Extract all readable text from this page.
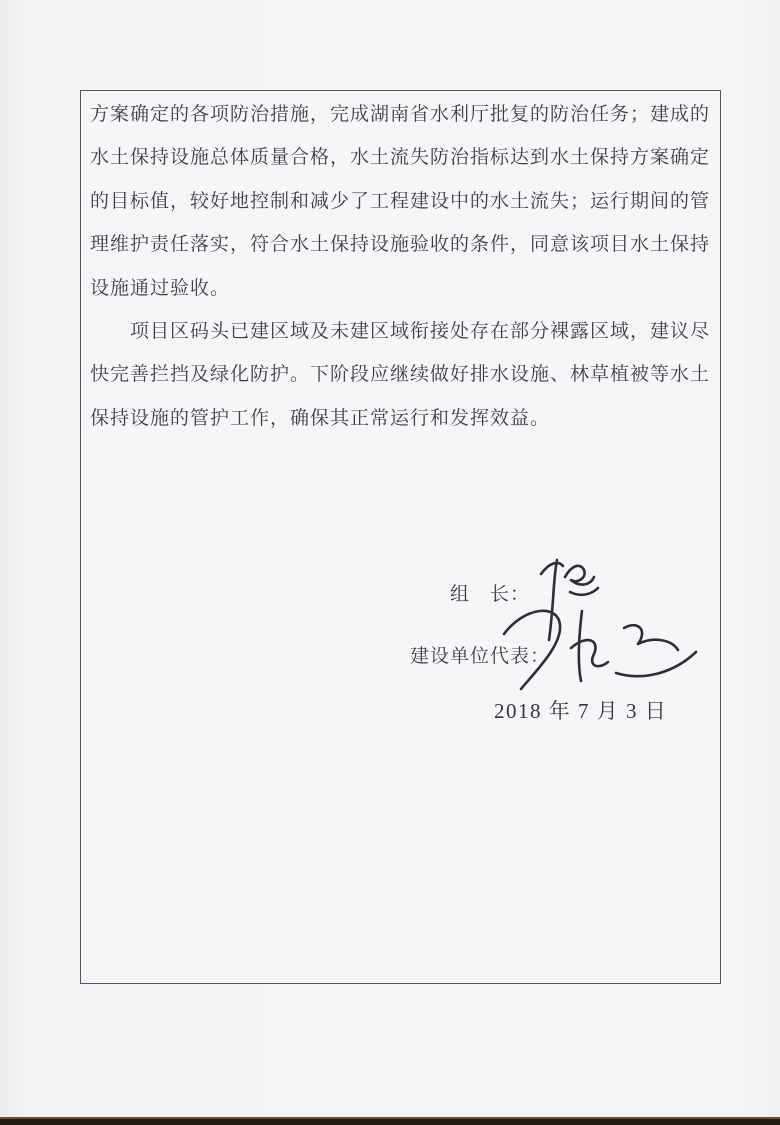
方案确定的各项防治措施，完成湖南省水利厅批复的防治任务；建成的
水土保持设施总体质量合格，水土流失防治指标达到水土保持方案确定
的目标值，较好地控制和减少了工程建设中的水土流失；运行期间的管
理维护责任落实，符合水土保持设施验收的条件，同意该项目水土保持
设施通过验收。
项目区码头已建区域及未建区域衔接处存在部分裸露区域，建议尽
快完善拦挡及绿化防护。下阶段应继续做好排水设施、林草植被等水土
保持设施的管护工作，确保其正常运行和发挥效益。
组　长：
建设单位代表：
2018 年 7 月 3 日
